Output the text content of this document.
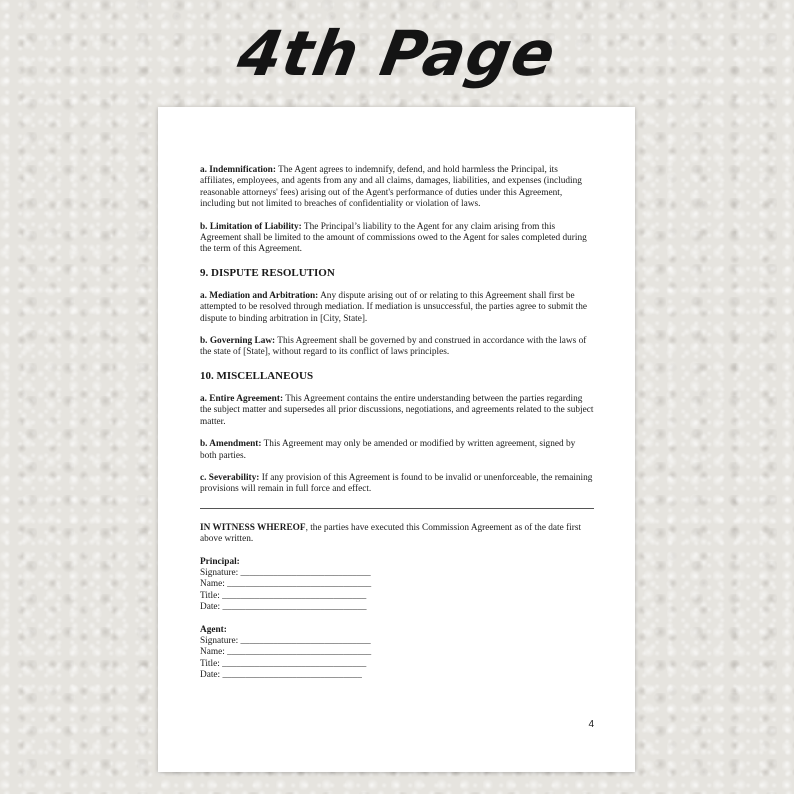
4th Page

a. Indemnification: The Agent agrees to indemnify, defend, and hold harmless the Principal, its affiliates, employees, and agents from any and all claims, damages, liabilities, and expenses (including reasonable attorneys' fees) arising out of the Agent's performance of duties under this Agreement, including but not limited to breaches of confidentiality or violation of laws.

b. Limitation of Liability: The Principal’s liability to the Agent for any claim arising from this Agreement shall be limited to the amount of commissions owed to the Agent for sales completed during the term of this Agreement.

9. DISPUTE RESOLUTION

a. Mediation and Arbitration: Any dispute arising out of or relating to this Agreement shall first be attempted to be resolved through mediation. If mediation is unsuccessful, the parties agree to submit the dispute to binding arbitration in [City, State].

b. Governing Law: This Agreement shall be governed by and construed in accordance with the laws of the state of [State], without regard to its conflict of laws principles.

10. MISCELLANEOUS

a. Entire Agreement: This Agreement contains the entire understanding between the parties regarding the subject matter and supersedes all prior discussions, negotiations, and agreements related to the subject matter.

b. Amendment: This Agreement may only be amended or modified by written agreement, signed by both parties.

c. Severability: If any provision of this Agreement is found to be invalid or unenforceable, the remaining provisions will remain in full force and effect.

IN WITNESS WHEREOF, the parties have executed this Commission Agreement as of the date first above written.

Principal:
Signature: ____________________________
Name: _______________________________
Title: _______________________________
Date: _______________________________
Agent:
Signature: ____________________________
Name: _______________________________
Title: _______________________________
Date: ______________________________
4
